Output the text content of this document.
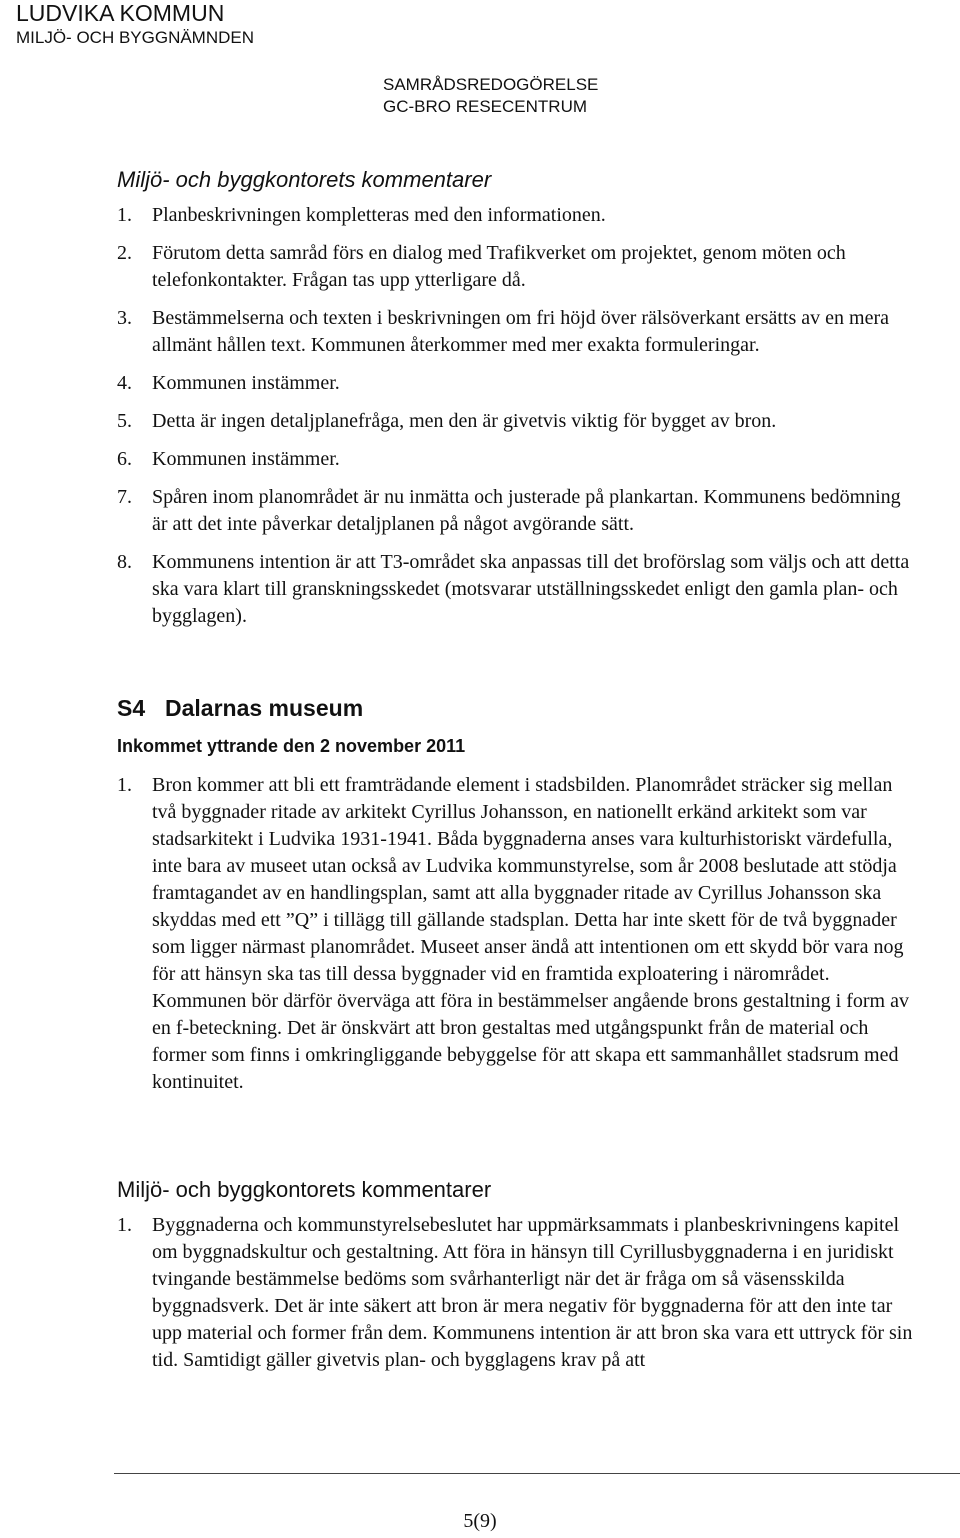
LUDVIKA KOMMUN
MILJÖ- OCH BYGGNÄMNDEN
SAMRÅDSREDOGÖRELSE
GC-BRO RESECENTRUM
Miljö- och byggkontorets kommentarer
1. Planbeskrivningen kompletteras med den informationen.
2. Förutom detta samråd förs en dialog med Trafikverket om projektet, genom möten och telefonkontakter. Frågan tas upp ytterligare då.
3. Bestämmelserna och texten i beskrivningen om fri höjd över rälsöverkant ersätts av en mera allmänt hållen text. Kommunen återkommer med mer exakta formuleringar.
4. Kommunen instämmer.
5. Detta är ingen detaljplanefråga, men den är givetvis viktig för bygget av bron.
6. Kommunen instämmer.
7. Spåren inom planområdet är nu inmätta och justerade på plankartan. Kommunens bedömning är att det inte påverkar detaljplanen på något avgörande sätt.
8. Kommunens intention är att T3-området ska anpassas till det broförslag som väljs och att detta ska vara klart till granskningsskedet (motsvarar utställningsskedet enligt den gamla plan- och bygglagen).
S4 Dalarnas museum
Inkommet yttrande den 2 november 2011
1. Bron kommer att bli ett framträdande element i stadsbilden. Planområdet sträcker sig mellan två byggnader ritade av arkitekt Cyrillus Johansson, en nationellt erkänd arkitekt som var stadsarkitekt i Ludvika 1931-1941. Båda byggnaderna anses vara kulturhistoriskt värdefulla, inte bara av museet utan också av Ludvika kommunstyrelse, som år 2008 beslutade att stödja framtagandet av en handlingsplan, samt att alla byggnader ritade av Cyrillus Johansson ska skyddas med ett ”Q” i tillägg till gällande stadsplan. Detta har inte skett för de två byggnader som ligger närmast planområdet. Museet anser ändå att intentionen om ett skydd bör vara nog för att hänsyn ska tas till dessa byggnader vid en framtida exploatering i närområdet. Kommunen bör därför överväga att föra in bestämmelser angående brons gestaltning i form av en f-beteckning. Det är önskvärt att bron gestaltas med utgångspunkt från de material och former som finns i omkringliggande bebyggelse för att skapa ett sammanhållet stadsrum med kontinuitet.
Miljö- och byggkontorets kommentarer
1. Byggnaderna och kommunstyrelsebeslutet har uppmärksammats i planbeskrivningens kapitel om byggnadskultur och gestaltning. Att föra in hänsyn till Cyrillusbyggnaderna i en juridiskt tvingande bestämmelse bedöms som svårhanterligt när det är fråga om så väsensskilda byggnadsverk. Det är inte säkert att bron är mera negativ för byggnaderna för att den inte tar upp material och former från dem. Kommunens intention är att bron ska vara ett uttryck för sin tid. Samtidigt gäller givetvis plan- och bygglagens krav på att
5(9)
